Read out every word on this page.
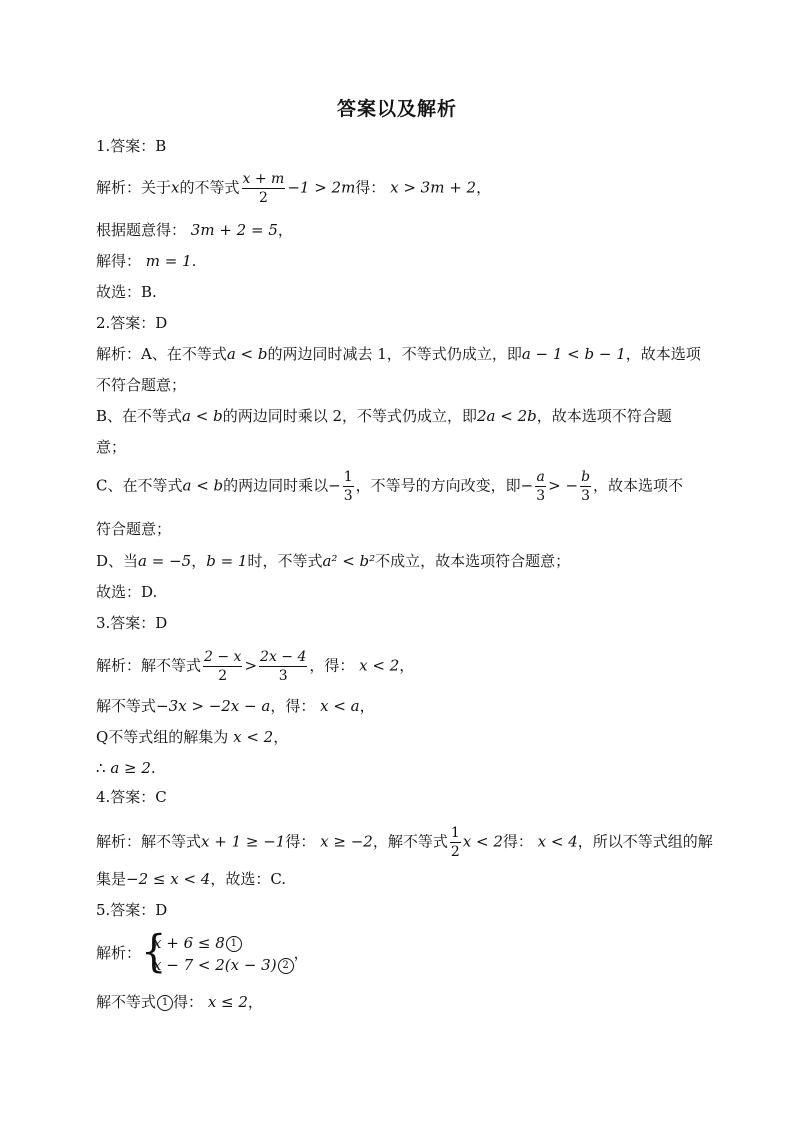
答案以及解析
1.答案：B
解析：关于x的不等式 $\frac{x + m}{2} -1 > 2m$得： x > 3m + 2，
根据题意得： 3m + 2 = 5，
解得： m = 1.
故选：B.
2.答案：D
解析：A、在不等式a < b的两边同时减去 1，不等式仍成立，即a − 1 < b − 1，故本选项
不符合题意；
B、在不等式a < b的两边同时乘以 2，不等式仍成立，即2a < 2b，故本选项不符合题
意；
C、在不等式a < b的两边同时乘以− $\frac{1}{3}$ ，不等号的方向改变，即− $\frac{a}{3}$ > − $\frac{b}{3}$ ，故本选项不
符合题意；
D、当a = −5，b = 1时，不等式a² < b²不成立，故本选项符合题意；
故选：D.
3.答案：D
解析：解不等式 $\frac{2 - x}{2} > \frac{2x - 4}{3}$ ，得： x < 2，
解不等式−3x > −2x − a，得： x < a，
Q不等式组的解集为 x < 2，
∴ a ≥ 2.
4.答案：C
解析：解不等式x + 1 ≥ −1得： x ≥ −2，解不等式 $\frac{1}{2}$ x < 2得： x < 4，所以不等式组的解
集是−2 ≤ x < 4，故选：C.
5.答案：D
解析： {
x + 6 ≤ 8 1
x − 7 < 2(x − 3) 2
，
解不等式 1 得： x ≤ 2，
